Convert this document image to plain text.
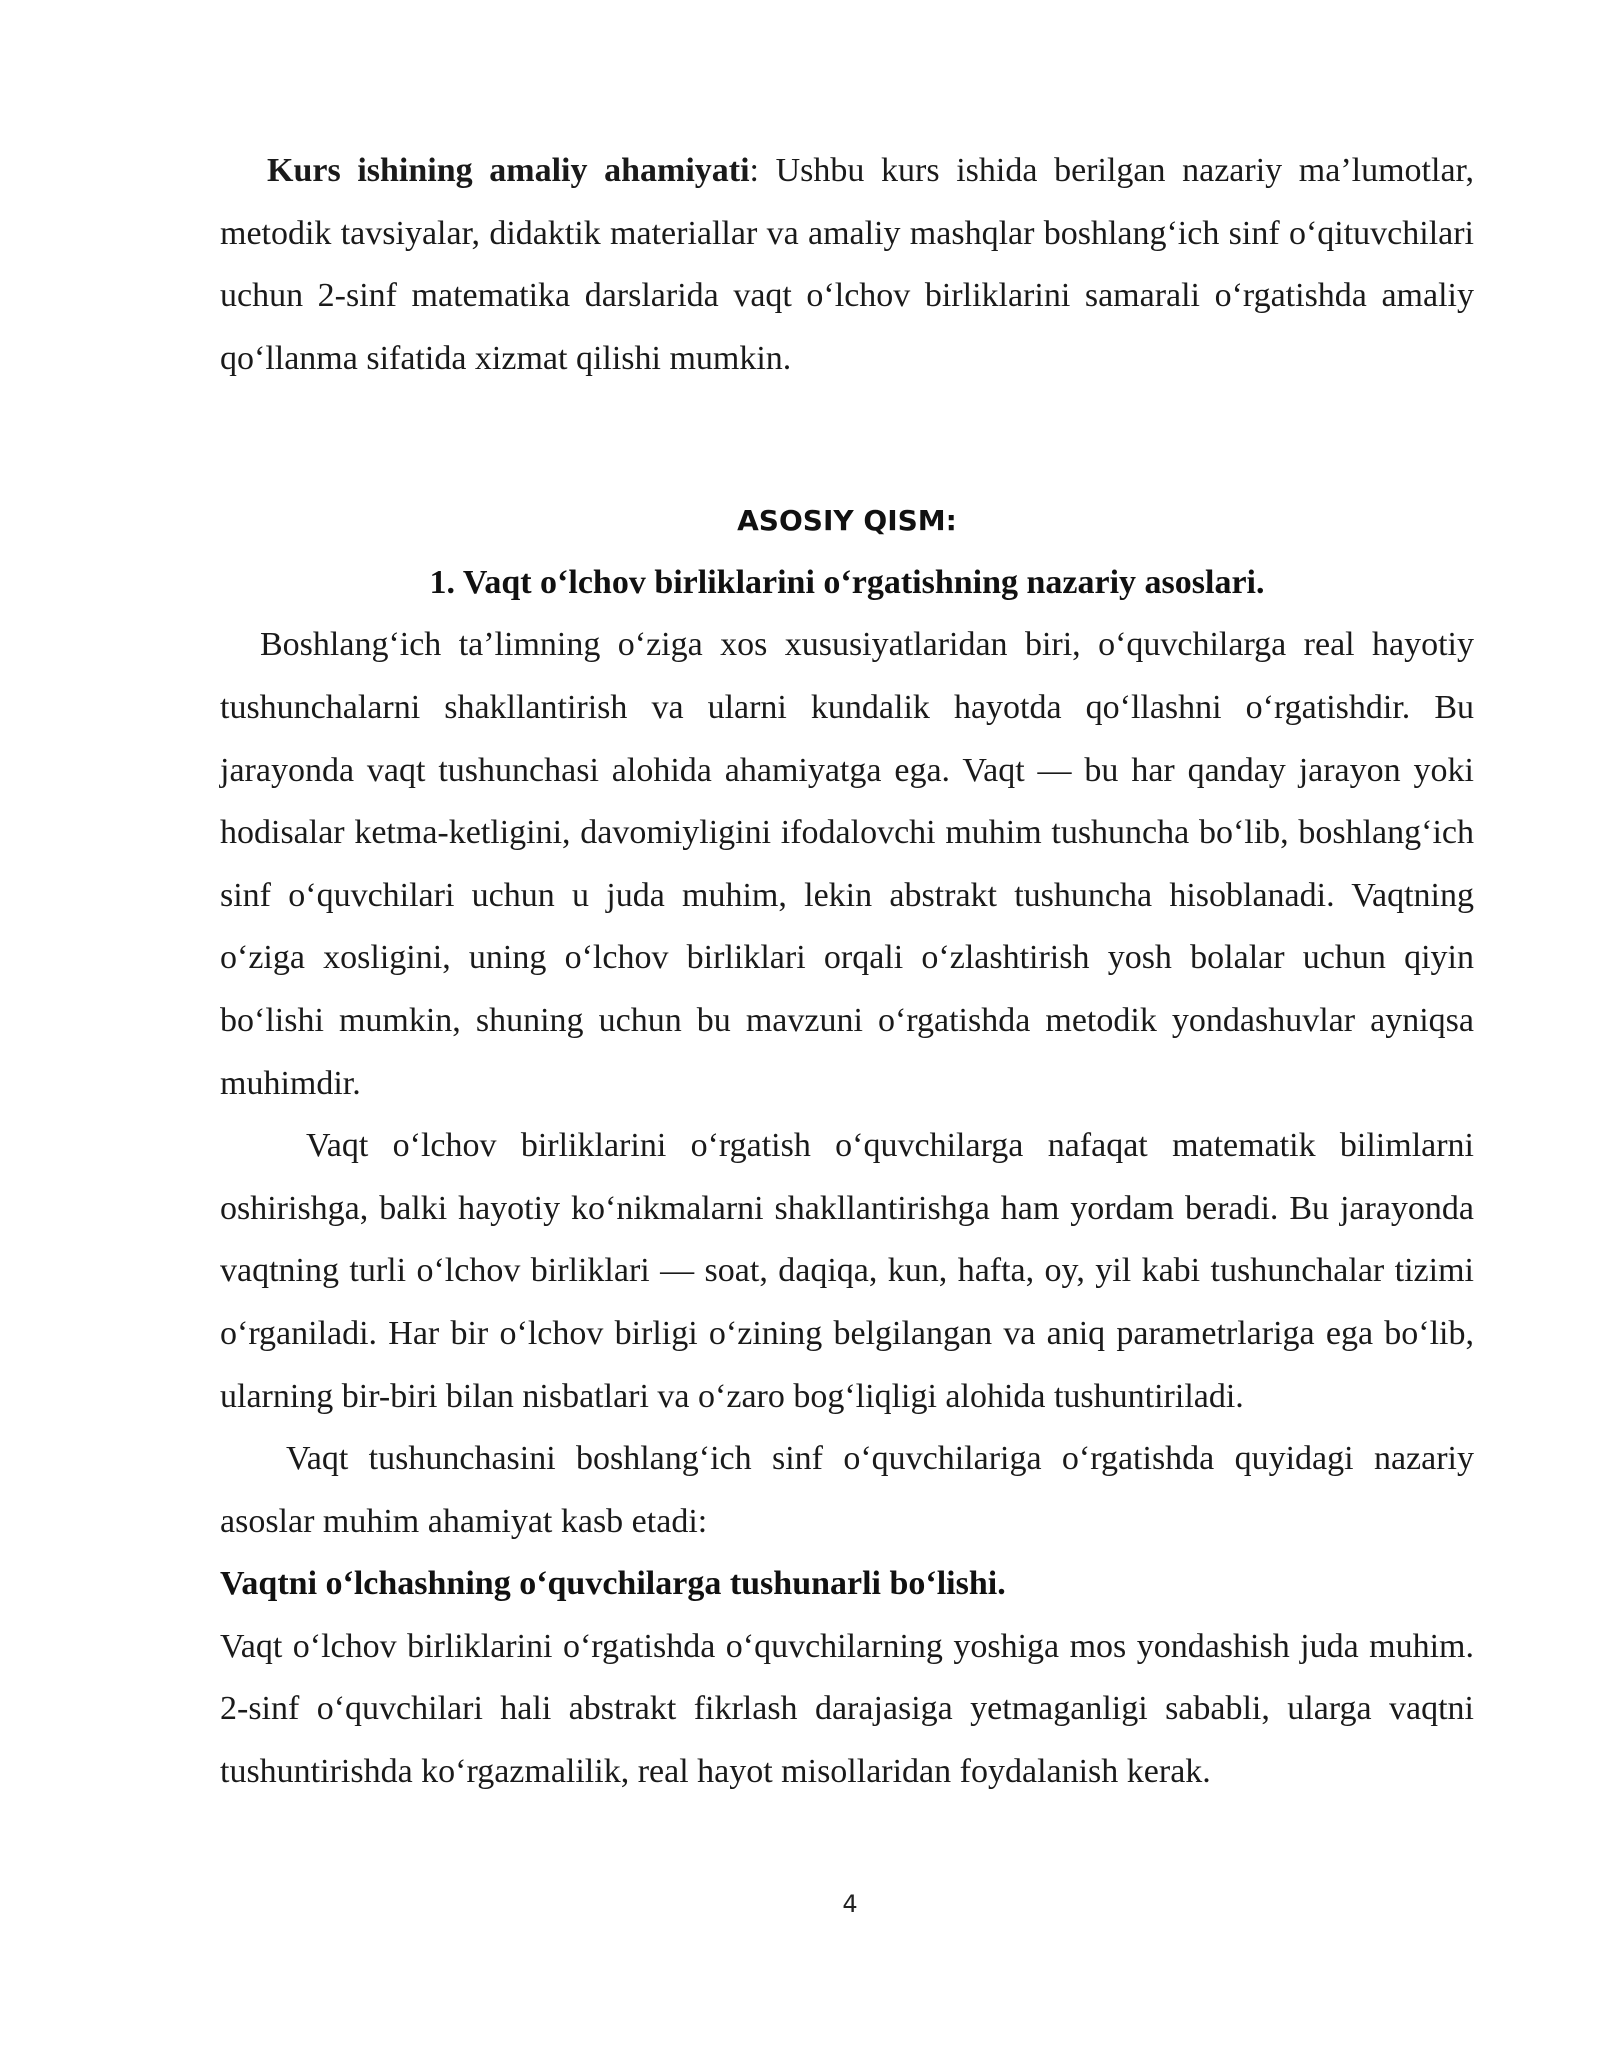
Kurs ishining amaliy ahamiyati: Ushbu kurs ishida berilgan nazariy ma’lumotlar, metodik tavsiyalar, didaktik materiallar va amaliy mashqlar boshlang‘ich sinf o‘qituvchilari uchun 2-sinf matematika darslarida vaqt o‘lchov birliklarini samarali o‘rgatishda amaliy qo‘llanma sifatida xizmat qilishi mumkin.

ASOSIY QISM:

1. Vaqt o‘lchov birliklarini o‘rgatishning nazariy asoslari.

Boshlang‘ich ta’limning o‘ziga xos xususiyatlaridan biri, o‘quvchilarga real hayotiy tushunchalarni shakllantirish va ularni kundalik hayotda qo‘llashni o‘rgatishdir. Bu jarayonda vaqt tushunchasi alohida ahamiyatga ega. Vaqt — bu har qanday jarayon yoki hodisalar ketma-ketligini, davomiyligini ifodalovchi muhim tushuncha bo‘lib, boshlang‘ich sinf o‘quvchilari uchun u juda muhim, lekin abstrakt tushuncha hisoblanadi. Vaqtning o‘ziga xosligini, uning o‘lchov birliklari orqali o‘zlashtirish yosh bolalar uchun qiyin bo‘lishi mumkin, shuning uchun bu mavzuni o‘rgatishda metodik yondashuvlar ayniqsa muhimdir.

Vaqt o‘lchov birliklarini o‘rgatish o‘quvchilarga nafaqat matematik bilimlarni oshirishga, balki hayotiy ko‘nikmalarni shakllantirishga ham yordam beradi. Bu jarayonda vaqtning turli o‘lchov birliklari — soat, daqiqa, kun, hafta, oy, yil kabi tushunchalar tizimi o‘rganiladi. Har bir o‘lchov birligi o‘zining belgilangan va aniq parametrlariga ega bo‘lib, ularning bir-biri bilan nisbatlari va o‘zaro bog‘liqligi alohida tushuntiriladi.

Vaqt tushunchasini boshlang‘ich sinf o‘quvchilariga o‘rgatishda quyidagi nazariy asoslar muhim ahamiyat kasb etadi:

Vaqtni o‘lchashning o‘quvchilarga tushunarli bo‘lishi.

Vaqt o‘lchov birliklarini o‘rgatishda o‘quvchilarning yoshiga mos yondashish juda muhim. 2-sinf o‘quvchilari hali abstrakt fikrlash darajasiga yetmaganligi sababli, ularga vaqtni tushuntirishda ko‘rgazmalilik, real hayot misollaridan foydalanish kerak.

4
